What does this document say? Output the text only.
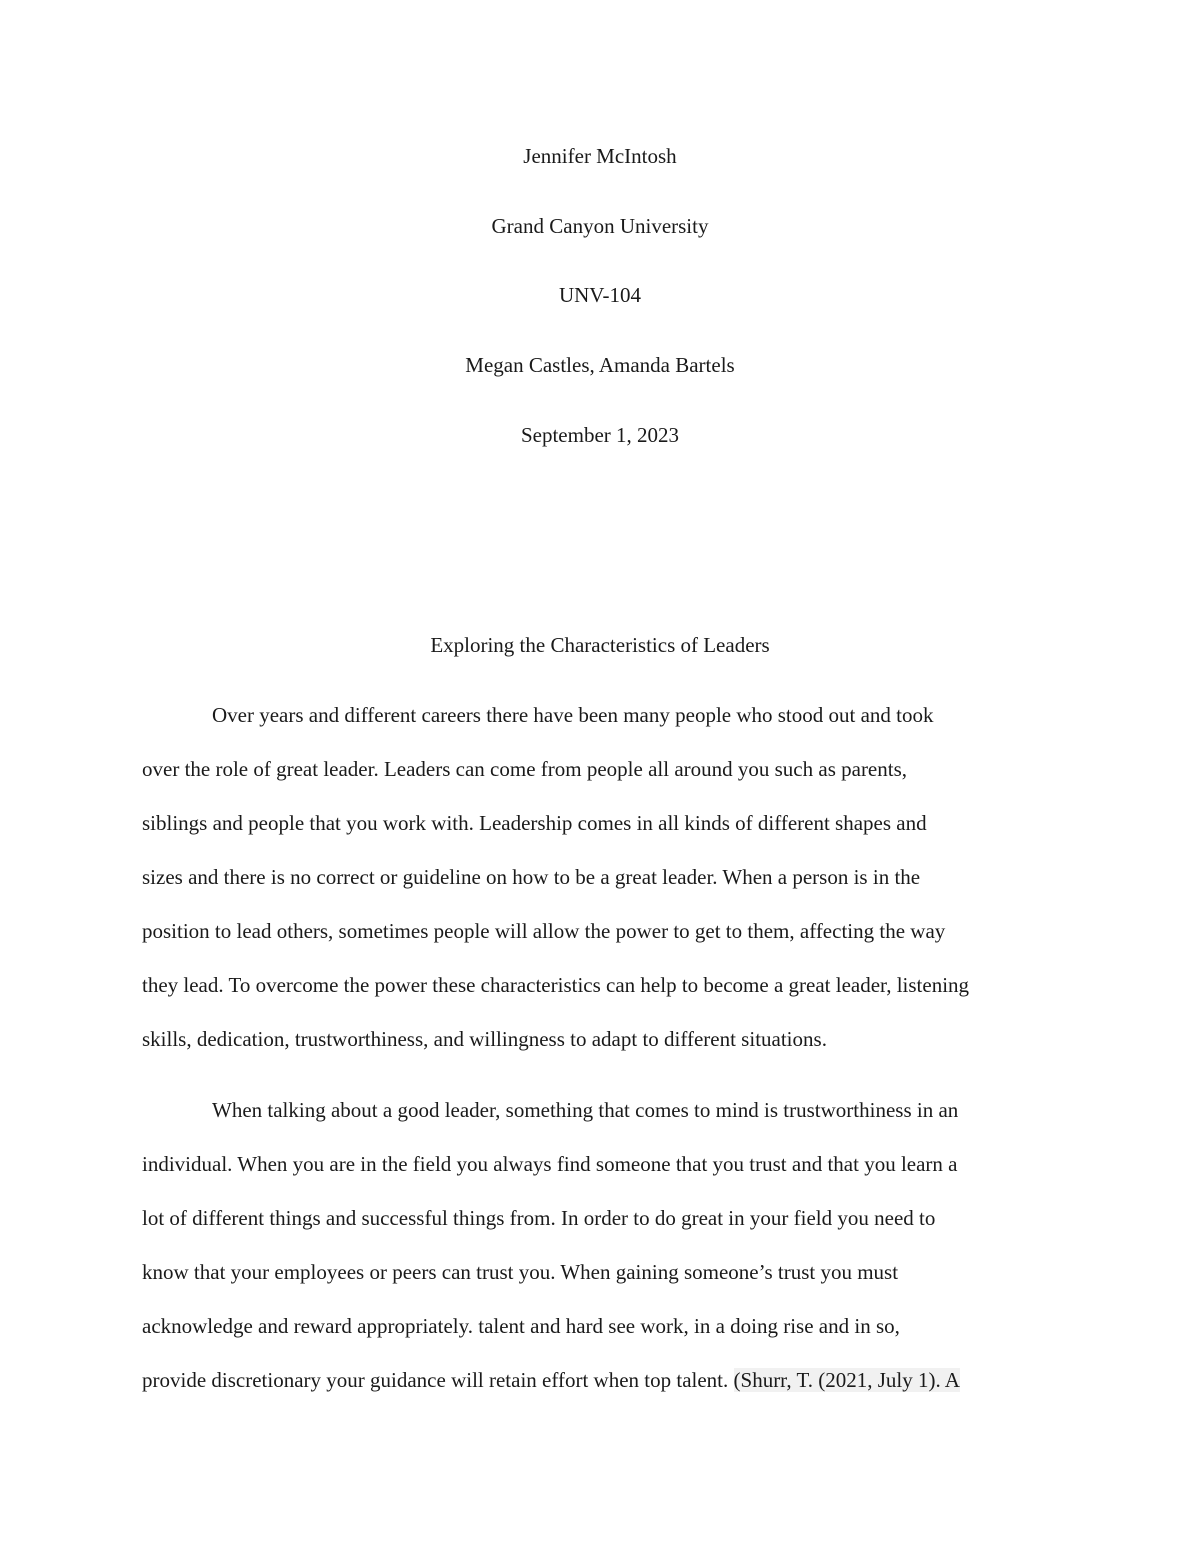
Jennifer McIntosh
Grand Canyon University
UNV-104
Megan Castles, Amanda Bartels
September 1, 2023
Exploring the Characteristics of Leaders
Over years and different careers there have been many people who stood out and took
over the role of great leader. Leaders can come from people all around you such as parents,
siblings and people that you work with. Leadership comes in all kinds of different shapes and
sizes and there is no correct or guideline on how to be a great leader. When a person is in the
position to lead others, sometimes people will allow the power to get to them, affecting the way
they lead. To overcome the power these characteristics can help to become a great leader, listening
skills, dedication, trustworthiness, and willingness to adapt to different situations.
When talking about a good leader, something that comes to mind is trustworthiness in an
individual. When you are in the field you always find someone that you trust and that you learn a
lot of different things and successful things from. In order to do great in your field you need to
know that your employees or peers can trust you. When gaining someone’s trust you must
acknowledge and reward appropriately. talent and hard see work, in a doing rise and in so,
provide discretionary your guidance will retain effort when top talent. (Shurr, T. (2021, July 1). A
